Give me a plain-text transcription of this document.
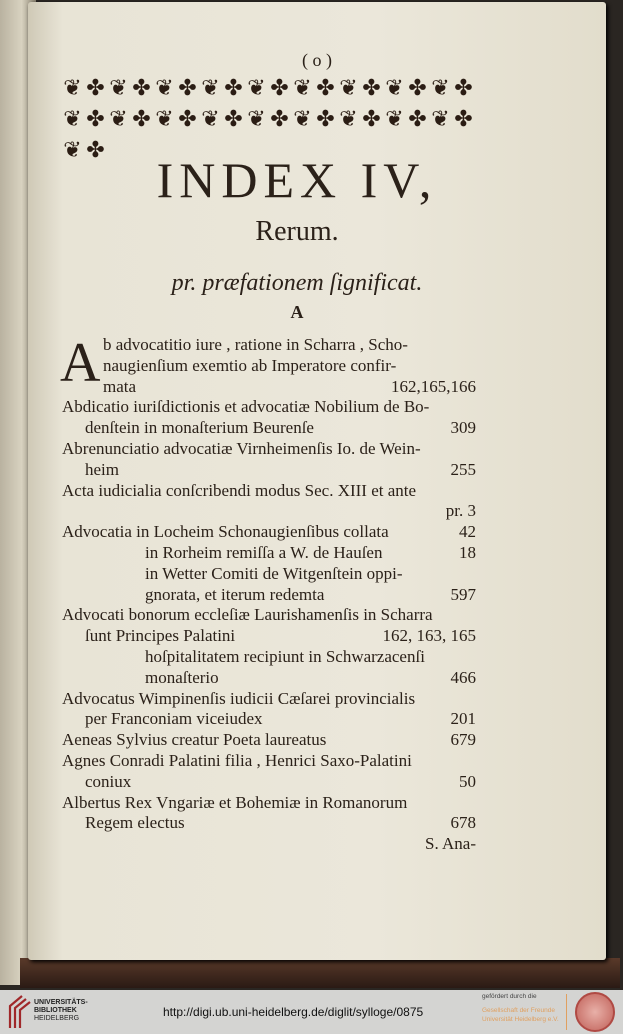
( o )
❦ ✤ ❦ ✤ ❦ ✤ ❦ ✤ ❦ ✤ ❦ ✤ ❦ ✤ ❦ ✤ ❦ ✤
❦ ✤ ❦ ✤ ❦ ✤ ❦ ✤ ❦ ✤ ❦ ✤ ❦ ✤ ❦ ✤ ❦ ✤
❦ ✤
INDEX IV,
Rerum.
pr. præfationem ſignificat.
A
A b advocatitio iure , ratione in Scharra , Scho-
naugienſium exemtio ab Imperatore confir-
mata	162,165,166
Abdicatio iuriſdictionis et advocatiæ Nobilium de Bo-
denſtein in monaſterium Beurenſe	309
Abrenunciatio advocatiæ Virnheimenſis Io. de Wein-
heim	255
Acta iudicialia conſcribendi modus Sec. XIII et ante
pr. 3
Advocatia in Locheim Schonaugienſibus collata	42
in Rorheim remiſſa a W. de Hauſen	18
in Wetter Comiti de Witgenſtein oppi-
gnorata, et iterum redemta	597
Advocati bonorum eccleſiæ Laurishamenſis in Scharra
ſunt Principes Palatini	162, 163, 165
hoſpitalitatem recipiunt in Schwarzacenſi
monaſterio	466
Advocatus Wimpinenſis iudicii Cæſarei provincialis
per Franconiam viceiudex	201
Aeneas Sylvius creatur Poeta laureatus	679
Agnes Conradi Palatini filia , Henrici Saxo-Palatini
coniux	50
Albertus Rex Vngariæ et Bohemiæ in Romanorum
Regem electus	678
S. Ana-
UNIVERSITÄTS-
BIBLIOTHEK
HEIDELBERG	http://digi.ub.uni-heidelberg.de/diglit/sylloge/0875
gefördert durch die
Gesellschaft der Freunde
Universität Heidelberg e.V.
